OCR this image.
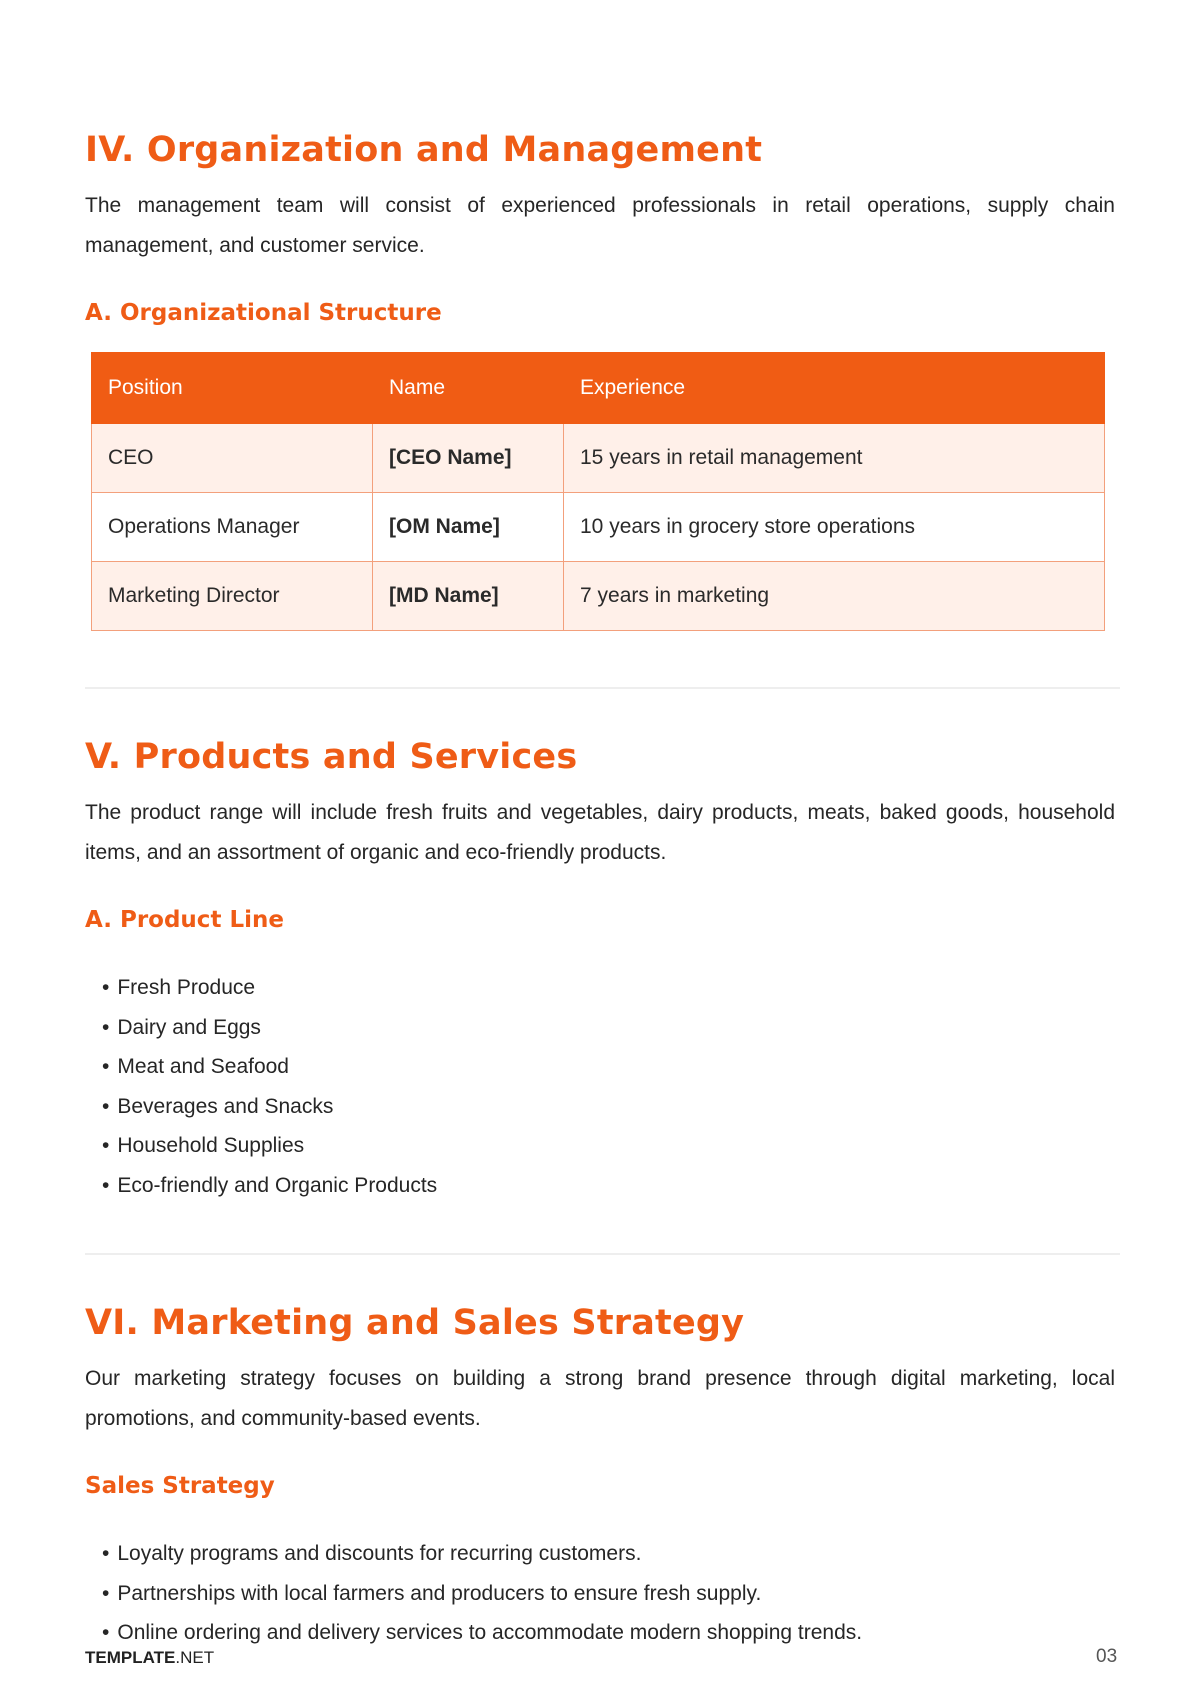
IV. Organization and Management

The management team will consist of experienced professionals in retail operations, supply chain management, and customer service.

A. Organizational Structure
Position	Name	Experience
CEO	[CEO Name]	15 years in retail management
Operations Manager	[OM Name]	10 years in grocery store operations
Marketing Director	[MD Name]	7 years in marketing
V. Products and Services

The product range will include fresh fruits and vegetables, dairy products, meats, baked goods, household items, and an assortment of organic and eco-friendly products.

A. Product Line
• Fresh Produce
• Dairy and Eggs
• Meat and Seafood
• Beverages and Snacks
• Household Supplies
• Eco-friendly and Organic Products
VI. Marketing and Sales Strategy

Our marketing strategy focuses on building a strong brand presence through digital marketing, local promotions, and community-based events.

Sales Strategy
• Loyalty programs and discounts for recurring customers.
• Partnerships with local farmers and producers to ensure fresh supply.
• Online ordering and delivery services to accommodate modern shopping trends.
TEMPLATE.NET	03
